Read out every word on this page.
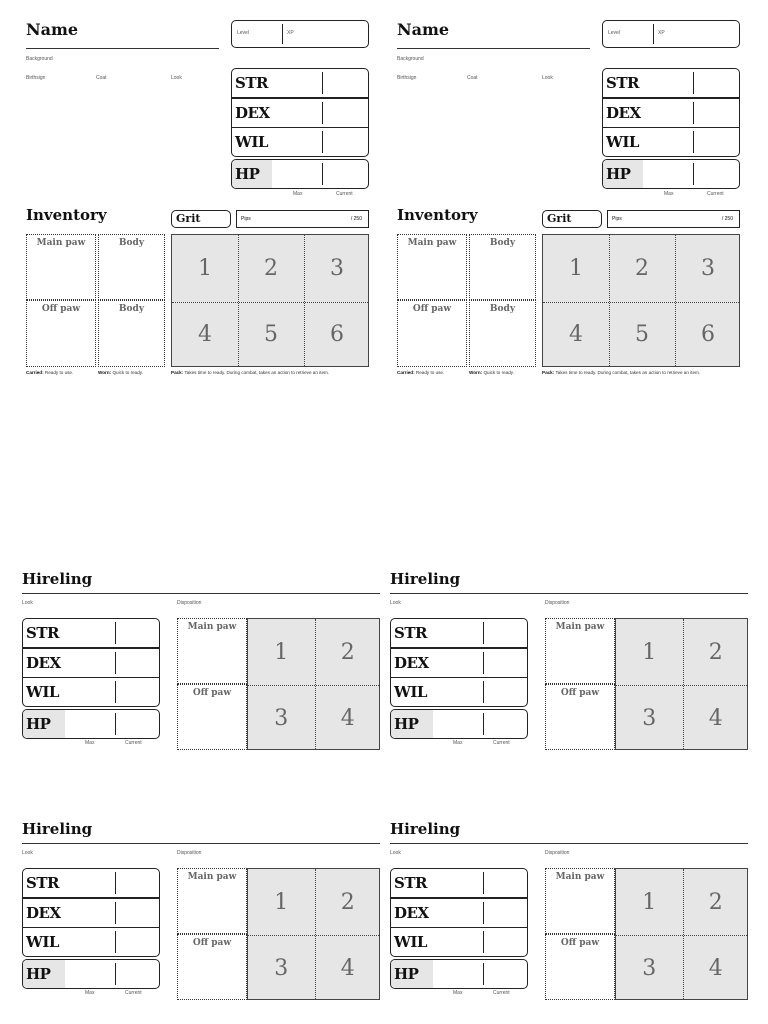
Name
Background
Birthsign	Coat	Look
Level	XP
STR
DEX
WIL
HP
Max	Current
Inventory	Grit	Pips	/ 250
Main paw	Body
Off paw	Body
1	2	3
4	5	6
Carried: Ready to use.	Worn: Quick to ready.	Pack: Takes time to ready. During combat, takes an action to retrieve an item.
Name
Background
Birthsign	Coat	Look
Level	XP
STR
DEX
WIL
HP
Max	Current
Inventory	Grit	Pips	/ 250
Main paw	Body
Off paw	Body
1	2	3
4	5	6
Carried: Ready to use.	Worn: Quick to ready.	Pack: Takes time to ready. During combat, takes an action to retrieve an item.
Hireling
Look	Disposition
STR
DEX
WIL
HP
Max	Current
Main paw
Off paw
1	2
3	4
Hireling
Look	Disposition
STR
DEX
WIL
HP
Max	Current
Main paw
Off paw
1	2
3	4
Hireling
Look	Disposition
STR
DEX
WIL
HP
Max	Current
Main paw
Off paw
1	2
3	4
Hireling
Look	Disposition
STR
DEX
WIL
HP
Max	Current
Main paw
Off paw
1	2
3	4
